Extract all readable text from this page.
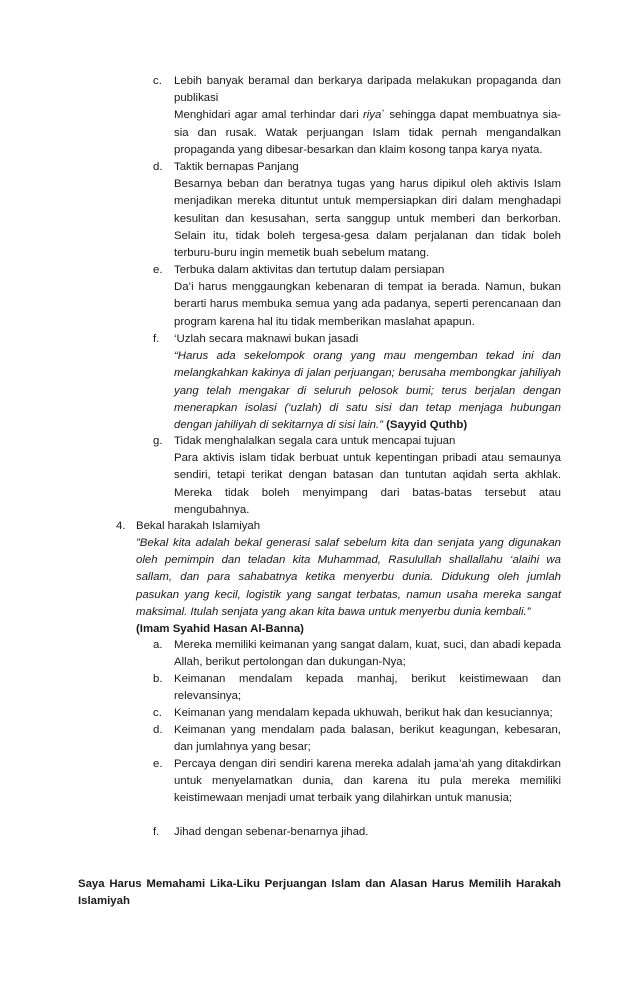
c. Lebih banyak beramal dan berkarya daripada melakukan propaganda dan publikasi

Menghidari agar amal terhindar dari riya` sehingga dapat membuatnya sia-sia dan rusak. Watak perjuangan Islam tidak pernah mengandalkan propaganda yang dibesar-besarkan dan klaim kosong tanpa karya nyata.

d. Taktik bernapas Panjang

Besarnya beban dan beratnya tugas yang harus dipikul oleh aktivis Islam menjadikan mereka dituntut untuk mempersiapkan diri dalam menghadapi kesulitan dan kesusahan, serta sanggup untuk memberi dan berkorban. Selain itu, tidak boleh tergesa-gesa dalam perjalanan dan tidak boleh terburu-buru ingin memetik buah sebelum matang.

e. Terbuka dalam aktivitas dan tertutup dalam persiapan

Da’i harus menggaungkan kebenaran di tempat ia berada. Namun, bukan berarti harus membuka semua yang ada padanya, seperti perencanaan dan program karena hal itu tidak memberikan maslahat apapun.

f. ‘Uzlah secara maknawi bukan jasadi

“Harus ada sekelompok orang yang mau mengemban tekad ini dan melangkahkan kakinya di jalan perjuangan; berusaha membongkar jahiliyah yang telah mengakar di seluruh pelosok bumi; terus berjalan dengan menerapkan isolasi (‘uzlah) di satu sisi dan tetap menjaga hubungan dengan jahiliyah di sekitarnya di sisi lain.” (Sayyid Quthb)

g. Tidak menghalalkan segala cara untuk mencapai tujuan

Para aktivis islam tidak berbuat untuk kepentingan pribadi atau semaunya sendiri, tetapi terikat dengan batasan dan tuntutan aqidah serta akhlak. Mereka tidak boleh menyimpang dari batas-batas tersebut atau mengubahnya.

4. Bekal harakah Islamiyah

”Bekal kita adalah bekal generasi salaf sebelum kita dan senjata yang digunakan oleh pemimpin dan teladan kita Muhammad, Rasulullah shallallahu ‘alaihi wa sallam, dan para sahabatnya ketika menyerbu dunia. Didukung oleh jumlah pasukan yang kecil, logistik yang sangat terbatas, namun usaha mereka sangat maksimal. Itulah senjata yang akan kita bawa untuk menyerbu dunia kembali.”
(Imam Syahid Hasan Al-Banna)
a. Mereka memiliki keimanan yang sangat dalam, kuat, suci, dan abadi kepada Allah, berikut pertolongan dan dukungan-Nya;

b. Keimanan mendalam kepada manhaj, berikut keistimewaan dan relevansinya;

c. Keimanan yang mendalam kepada ukhuwah, berikut hak dan kesuciannya;

d. Keimanan yang mendalam pada balasan, berikut keagungan, kebesaran, dan jumlahnya yang besar;

e. Percaya dengan diri sendiri karena mereka adalah jama’ah yang ditakdirkan untuk menyelamatkan dunia, dan karena itu pula mereka memiliki keistimewaan menjadi umat terbaik yang dilahirkan untuk manusia;

f. Jihad dengan sebenar-benarnya jihad.

Saya Harus Memahami Lika-Liku Perjuangan Islam dan Alasan Harus Memilih Harakah Islamiyah
